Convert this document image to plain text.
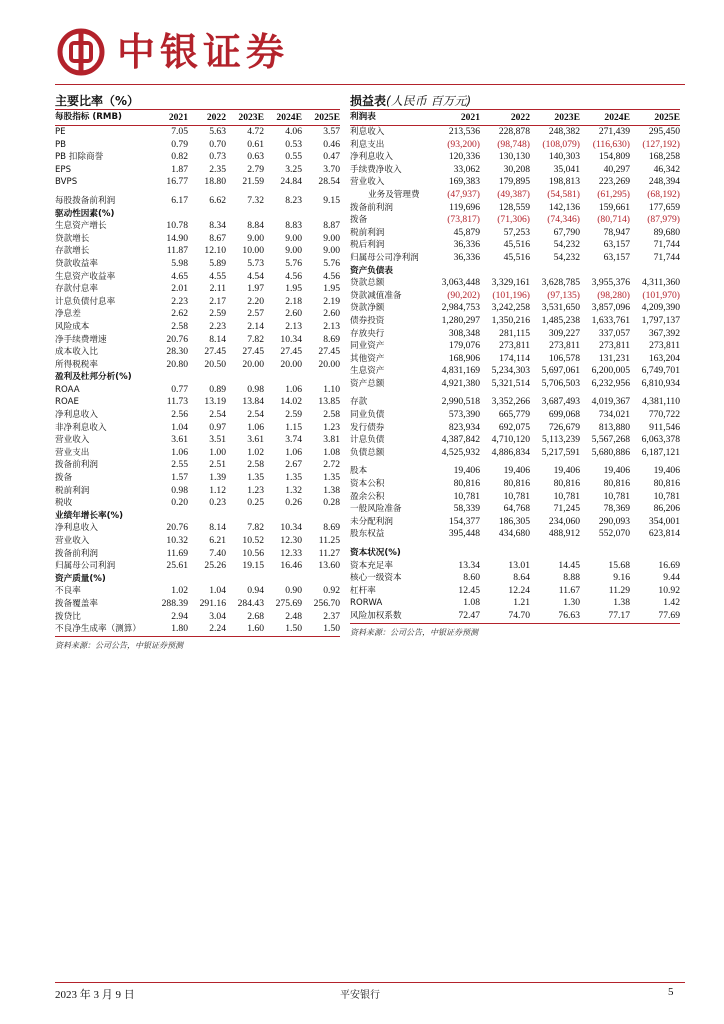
中银证券
主要比率（%）
每股指标 (RMB)	2021	2022	2023E	2024E	2025E
PE	7.05	5.63	4.72	4.06	3.57
PB	0.79	0.70	0.61	0.53	0.46
PB 扣除商誉	0.82	0.73	0.63	0.55	0.47
EPS	1.87	2.35	2.79	3.25	3.70
BVPS	16.77	18.80	21.59	24.84	28.54

每股拨备前利润	6.17	6.62	7.32	8.23	9.15
驱动性因素(%)					
生息资产增长	10.78	8.34	8.84	8.83	8.87
贷款增长	14.90	8.67	9.00	9.00	9.00
存款增长	11.87	12.10	10.00	9.00	9.00
贷款收益率	5.98	5.89	5.73	5.76	5.76
生息资产收益率	4.65	4.55	4.54	4.56	4.56
存款付息率	2.01	2.11	1.97	1.95	1.95
计息负债付息率	2.23	2.17	2.20	2.18	2.19
净息差	2.62	2.59	2.57	2.60	2.60
风险成本	2.58	2.23	2.14	2.13	2.13
净手续费增速	20.76	8.14	7.82	10.34	8.69
成本收入比	28.30	27.45	27.45	27.45	27.45
所得税税率	20.80	20.50	20.00	20.00	20.00
盈利及杜邦分析(%)					
ROAA	0.77	0.89	0.98	1.06	1.10
ROAE	11.73	13.19	13.84	14.02	13.85
净利息收入	2.56	2.54	2.54	2.59	2.58
非净利息收入	1.04	0.97	1.06	1.15	1.23
营业收入	3.61	3.51	3.61	3.74	3.81
营业支出	1.06	1.00	1.02	1.06	1.08
拨备前利润	2.55	2.51	2.58	2.67	2.72
拨备	1.57	1.39	1.35	1.35	1.35
税前利润	0.98	1.12	1.23	1.32	1.38
税收	0.20	0.23	0.25	0.26	0.28
业绩年增长率(%)					
净利息收入	20.76	8.14	7.82	10.34	8.69
营业收入	10.32	6.21	10.52	12.30	11.25
拨备前利润	11.69	7.40	10.56	12.33	11.27
归属母公司利润	25.61	25.26	19.15	16.46	13.60
资产质量(%)					
不良率	1.02	1.04	0.94	0.90	0.92
拨备覆盖率	288.39	291.16	284.43	275.69	256.70
拨贷比	2.94	3.04	2.68	2.48	2.37
不良净生成率（测算）	1.80	2.24	1.60	1.50	1.50
资料来源：公司公告，中银证券预测
损益表(人民币 百万元)
利润表	2021	2022	2023E	2024E	2025E
利息收入	213,536	228,878	248,382	271,439	295,450
利息支出	(93,200)	(98,748)	(108,079)	(116,630)	(127,192)
净利息收入	120,336	130,130	140,303	154,809	168,258
手续费净收入	33,062	30,208	35,041	40,297	46,342
营业收入	169,383	179,895	198,813	223,269	248,394
业务及管理费	(47,937)	(49,387)	(54,581)	(61,295)	(68,192)
拨备前利润	119,696	128,559	142,136	159,661	177,659
拨备	(73,817)	(71,306)	(74,346)	(80,714)	(87,979)
税前利润	45,879	57,253	67,790	78,947	89,680
税后利润	36,336	45,516	54,232	63,157	71,744
归属母公司净利润	36,336	45,516	54,232	63,157	71,744
资产负债表					
贷款总额	3,063,448	3,329,161	3,628,785	3,955,376	4,311,360
贷款减值准备	(90,202)	(101,196)	(97,135)	(98,280)	(101,970)
贷款净额	2,984,753	3,242,258	3,531,650	3,857,096	4,209,390
债券投资	1,280,297	1,350,216	1,485,238	1,633,761	1,797,137
存放央行	308,348	281,115	309,227	337,057	367,392
同业资产	179,076	273,811	273,811	273,811	273,811
其他资产	168,906	174,114	106,578	131,231	163,204
生息资产	4,831,169	5,234,303	5,697,061	6,200,005	6,749,701
资产总额	4,921,380	5,321,514	5,706,503	6,232,956	6,810,934

存款	2,990,518	3,352,266	3,687,493	4,019,367	4,381,110
同业负债	573,390	665,779	699,068	734,021	770,722
发行债券	823,934	692,075	726,679	813,880	911,546
计息负债	4,387,842	4,710,120	5,113,239	5,567,268	6,063,378
负债总额	4,525,932	4,886,834	5,217,591	5,680,886	6,187,121

股本	19,406	19,406	19,406	19,406	19,406
资本公积	80,816	80,816	80,816	80,816	80,816
盈余公积	10,781	10,781	10,781	10,781	10,781
一般风险准备	58,339	64,768	71,245	78,369	86,206
未分配利润	154,377	186,305	234,060	290,093	354,001
股东权益	395,448	434,680	488,912	552,070	623,814

资本状况(%)					
资本充足率	13.34	13.01	14.45	15.68	16.69
核心一级资本	8.60	8.64	8.88	9.16	9.44
杠杆率	12.45	12.24	11.67	11.29	10.92
RORWA	1.08	1.21	1.30	1.38	1.42
风险加权系数	72.47	74.70	76.63	77.17	77.69
资料来源：公司公告，中银证券预测
2023 年 3 月 9 日	平安银行	5
